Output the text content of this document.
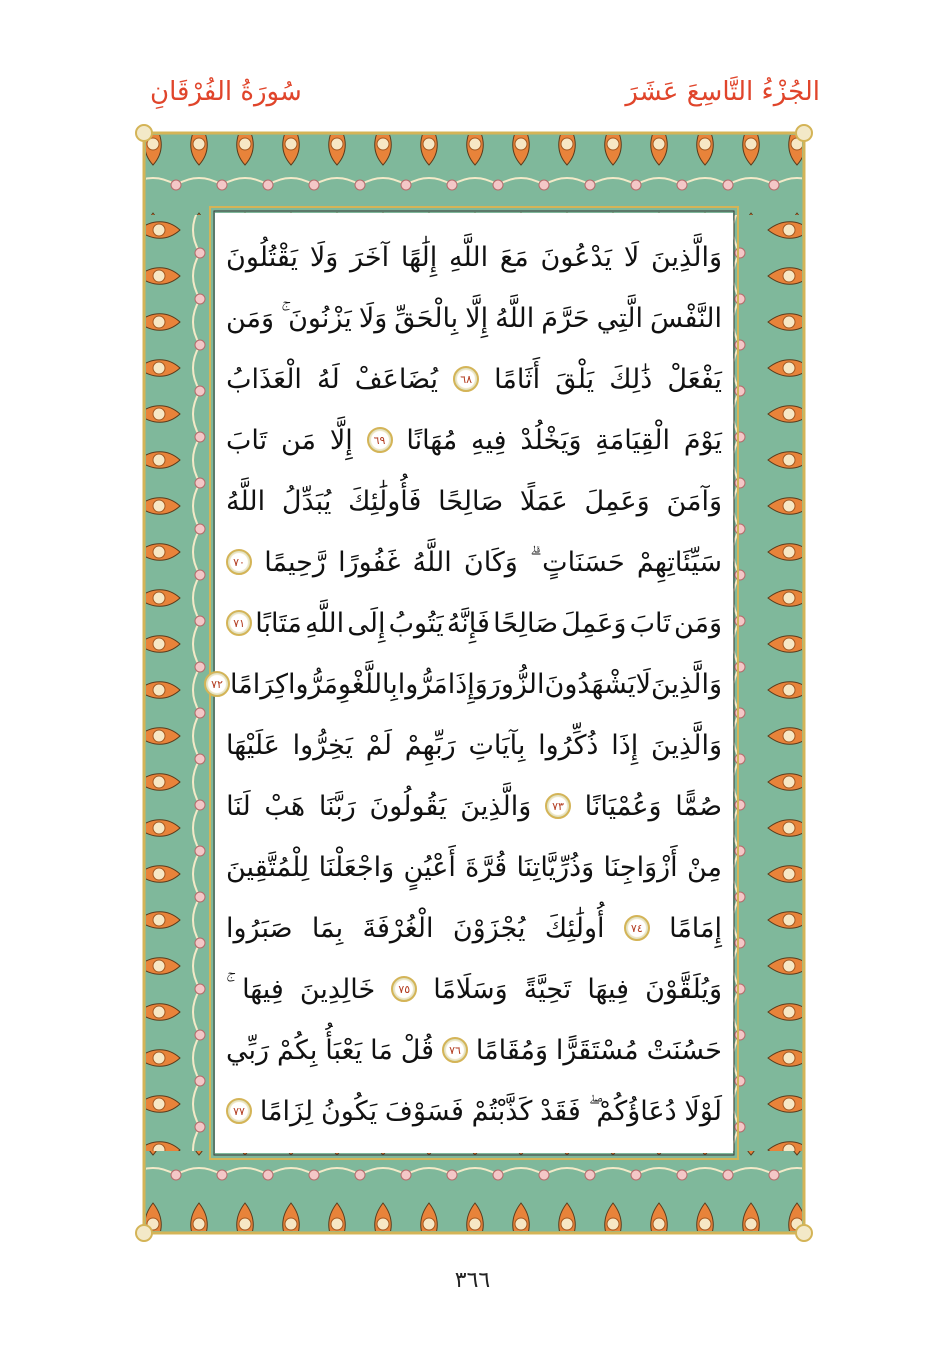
الجُزْءُ التَّاسِعَ عَشَرَ
سُورَةُ الفُرْقَانِ
وَالَّذِينَ
لَا
يَدْعُونَ
مَعَ
اللَّهِ
إِلَٰهًا
آخَرَ
وَلَا
يَقْتُلُونَ
النَّفْسَ
الَّتِي
حَرَّمَ
اللَّهُ
إِلَّا
بِالْحَقِّ
وَلَا
يَزْنُونَ
وَمَن
يَفْعَلْ
ذَٰلِكَ
يَلْقَ
أَثَامًا
٦٨
يُضَاعَفْ
لَهُ
الْعَذَابُ
يَوْمَ
الْقِيَامَةِ
وَيَخْلُدْ
فِيهِ
مُهَانًا
٦٩
إِلَّا
مَن
تَابَ
وَآمَنَ
وَعَمِلَ
عَمَلًا
صَالِحًا
فَأُولَٰئِكَ
يُبَدِّلُ
اللَّهُ
سَيِّئَاتِهِمْ
حَسَنَاتٍ
وَكَانَ
اللَّهُ
غَفُورًا
رَّحِيمًا
٧٠
وَمَن
تَابَ
وَعَمِلَ
صَالِحًا
فَإِنَّهُ
يَتُوبُ
إِلَى
اللَّهِ
مَتَابًا
٧١
وَالَّذِينَ
لَا
يَشْهَدُونَ
الزُّورَ
وَإِذَا
مَرُّوا
بِاللَّغْوِ
مَرُّوا
كِرَامًا
٧٢
وَالَّذِينَ
إِذَا
ذُكِّرُوا
بِآيَاتِ
رَبِّهِمْ
لَمْ
يَخِرُّوا
عَلَيْهَا
صُمًّا
وَعُمْيَانًا
٧٣
وَالَّذِينَ
يَقُولُونَ
رَبَّنَا
هَبْ
لَنَا
مِنْ
أَزْوَاجِنَا
وَذُرِّيَّاتِنَا
قُرَّةَ
أَعْيُنٍ
وَاجْعَلْنَا
لِلْمُتَّقِينَ
إِمَامًا
٧٤
أُولَٰئِكَ
يُجْزَوْنَ
الْغُرْفَةَ
بِمَا
صَبَرُوا
وَيُلَقَّوْنَ
فِيهَا
تَحِيَّةً
وَسَلَامًا
٧٥
خَالِدِينَ
فِيهَا
حَسُنَتْ
مُسْتَقَرًّا
وَمُقَامًا
٧٦
قُلْ
مَا
يَعْبَأُ
بِكُمْ
رَبِّي
لَوْلَا
دُعَاؤُكُمْ
فَقَدْ
كَذَّبْتُمْ
فَسَوْفَ
يَكُونُ
لِزَامًا
٧٧
٣٦٦
